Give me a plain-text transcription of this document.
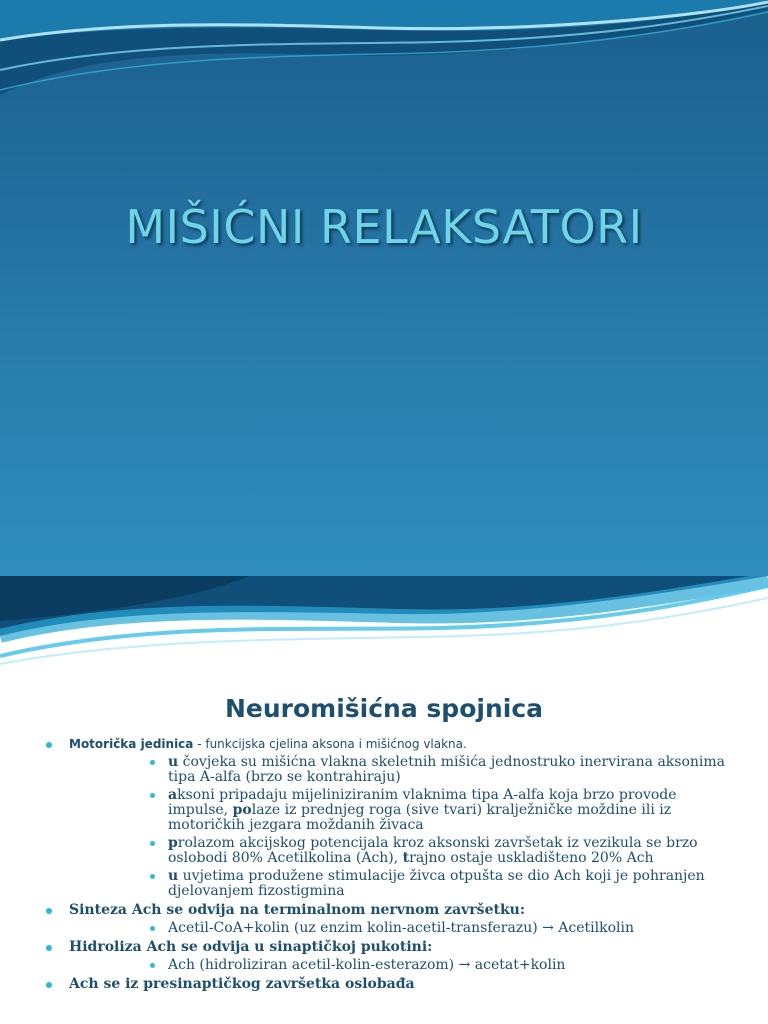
MIŠIĆNI RELAKSATORI
Neuromišićna spojnica
Motorička jedinica - funkcijska cjelina aksona i mišićnog vlakna.
u čovjeka su mišićna vlakna skeletnih mišića jednostruko inervirana aksonima tipa A-alfa (brzo se kontrahiraju)
aksoni pripadaju mijeliniziranim vlaknima tipa A-alfa koja brzo provode impulse, polaze iz prednjeg roga (sive tvari) kralježničke moždine ili iz motoričkih jezgara moždanih živaca
prolazom akcijskog potencijala kroz aksonski završetak iz vezikula se brzo oslobodi 80% Acetilkolina (Ach), trajno ostaje uskladišteno 20% Ach
u uvjetima produžene stimulacije živca otpušta se dio Ach koji je pohranjen djelovanjem fizostigmina
Sinteza Ach se odvija na terminalnom nervnom završetku:
Acetil-CoA+kolin (uz enzim kolin-acetil-transferazu) → Acetilkolin
Hidroliza Ach se odvija u sinaptičkoj pukotini:
Ach (hidroliziran acetil-kolin-esterazom) → acetat+kolin
Ach se iz presinaptičkog završetka oslobađa
